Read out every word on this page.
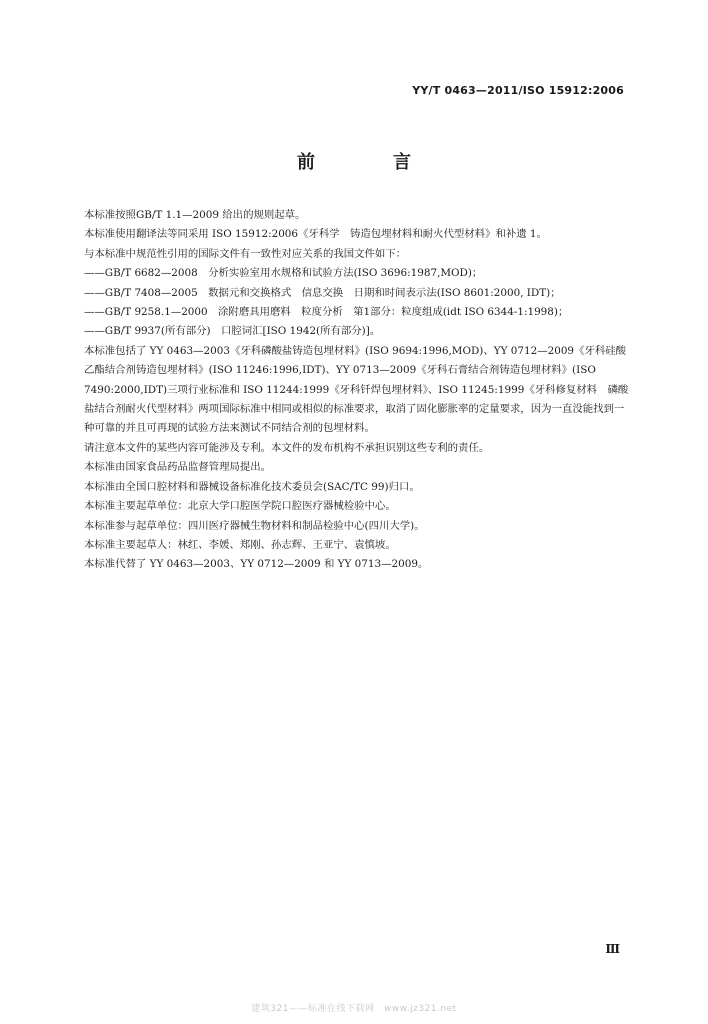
YY/T 0463—2011/ISO 15912:2006
前　言

本标准按照GB/T 1.1—2009 给出的规则起草。

本标准使用翻译法等同采用 ISO 15912:2006《牙科学　铸造包埋材料和耐火代型材料》和补遗 1。

与本标准中规范性引用的国际文件有一致性对应关系的我国文件如下：

——GB/T 6682—2008　分析实验室用水规格和试验方法(ISO 3696:1987,MOD)；

——GB/T 7408—2005　数据元和交换格式　信息交换　日期和时间表示法(ISO 8601:2000, IDT)；

——GB/T 9258.1—2000　涂附磨具用磨料　粒度分析　第1部分：粒度组成(idt ISO 6344-1:1998)；

——GB/T 9937(所有部分)　口腔词汇[ISO 1942(所有部分)]。

本标准包括了 YY 0463—2003《牙科磷酸盐铸造包埋材料》(ISO 9694:1996,MOD)、YY 0712—2009《牙科硅酸乙酯结合剂铸造包埋材料》(ISO 11246:1996,IDT)、YY 0713—2009《牙科石膏结合剂铸造包埋材料》(ISO 7490:2000,IDT)三项行业标准和 ISO 11244:1999《牙科钎焊包埋材料》、ISO 11245:1999《牙科修复材料　磷酸盐结合剂耐火代型材料》两项国际标准中相同或相似的标准要求，取消了固化膨胀率的定量要求，因为一直没能找到一种可靠的并且可再现的试验方法来测试不同结合剂的包埋材料。

请注意本文件的某些内容可能涉及专利。本文件的发布机构不承担识别这些专利的责任。

本标准由国家食品药品监督管理局提出。

本标准由全国口腔材料和器械设备标准化技术委员会(SAC/TC 99)归口。

本标准主要起草单位：北京大学口腔医学院口腔医疗器械检验中心。

本标准参与起草单位：四川医疗器械生物材料和制品检验中心(四川大学)。

本标准主要起草人：林红、李媛、郑刚、孙志辉、王亚宁、袁慎坡。

本标准代替了 YY 0463—2003、YY 0712—2009 和 YY 0713—2009。

Ⅲ
建筑321——标准在线下载网　www.jz321.net
